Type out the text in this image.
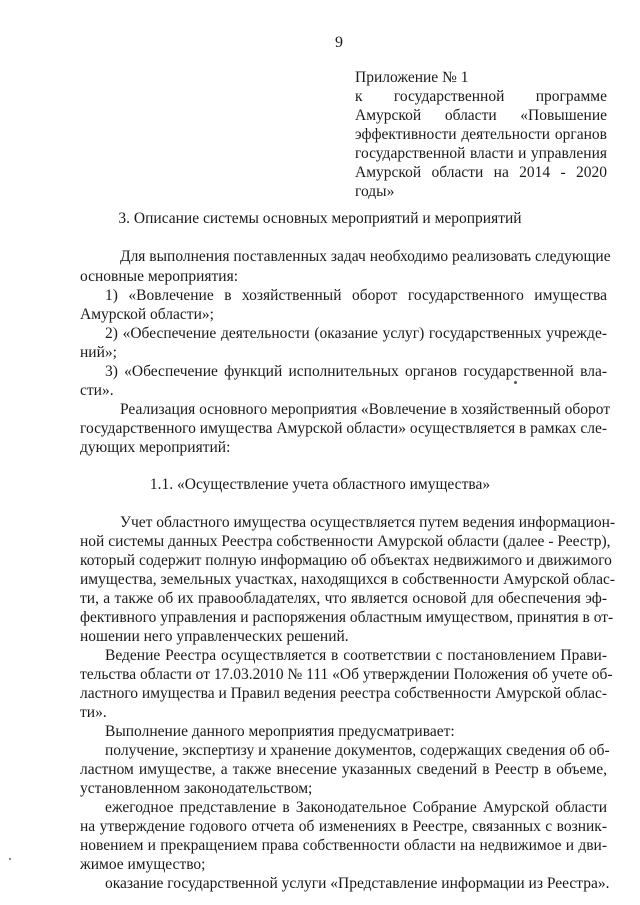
9
Приложение № 1
к государственной программе
Амурской области «Повышение
эффективности деятельности органов
государственной власти и управления
Амурской области на 2014 - 2020
годы»
3. Описание системы основных мероприятий и мероприятий
Для выполнения поставленных задач необходимо реализовать следующие
основные мероприятия:
1) «Вовлечение в хозяйственный оборот государственного имущества
Амурской области»;
2) «Обеспечение деятельности (оказание услуг) государственных учрежде-
ний»;
3) «Обеспечение функций исполнительных органов государственной вла-
сти».
Реализация основного мероприятия «Вовлечение в хозяйственный оборот
государственного имущества Амурской области» осуществляется в рамках сле-
дующих мероприятий:
1.1. «Осуществление учета областного имущества»
Учет областного имущества осуществляется путем ведения информацион-
ной системы данных Реестра собственности Амурской области (далее - Реестр),
который содержит полную информацию об объектах недвижимого и движимого
имущества, земельных участках, находящихся в собственности Амурской облас-
ти, а также об их правообладателях, что является основой для обеспечения эф-
фективного управления и распоряжения областным имуществом, принятия в от-
ношении него управленческих решений.
Ведение Реестра осуществляется в соответствии с постановлением Прави-
тельства области от 17.03.2010 № 111 «Об утверждении Положения об учете об-
ластного имущества и Правил ведения реестра собственности Амурской облас-
ти».
Выполнение данного мероприятия предусматривает:
получение, экспертизу и хранение документов, содержащих сведения об об-
ластном имуществе, а также внесение указанных сведений в Реестр в объеме,
установленном законодательством;
ежегодное представление в Законодательное Собрание Амурской области
на утверждение годового отчета об изменениях в Реестре, связанных с возник-
новением и прекращением права собственности области на недвижимое и дви-
жимое имущество;
оказание государственной услуги «Представление информации из Реестра».
